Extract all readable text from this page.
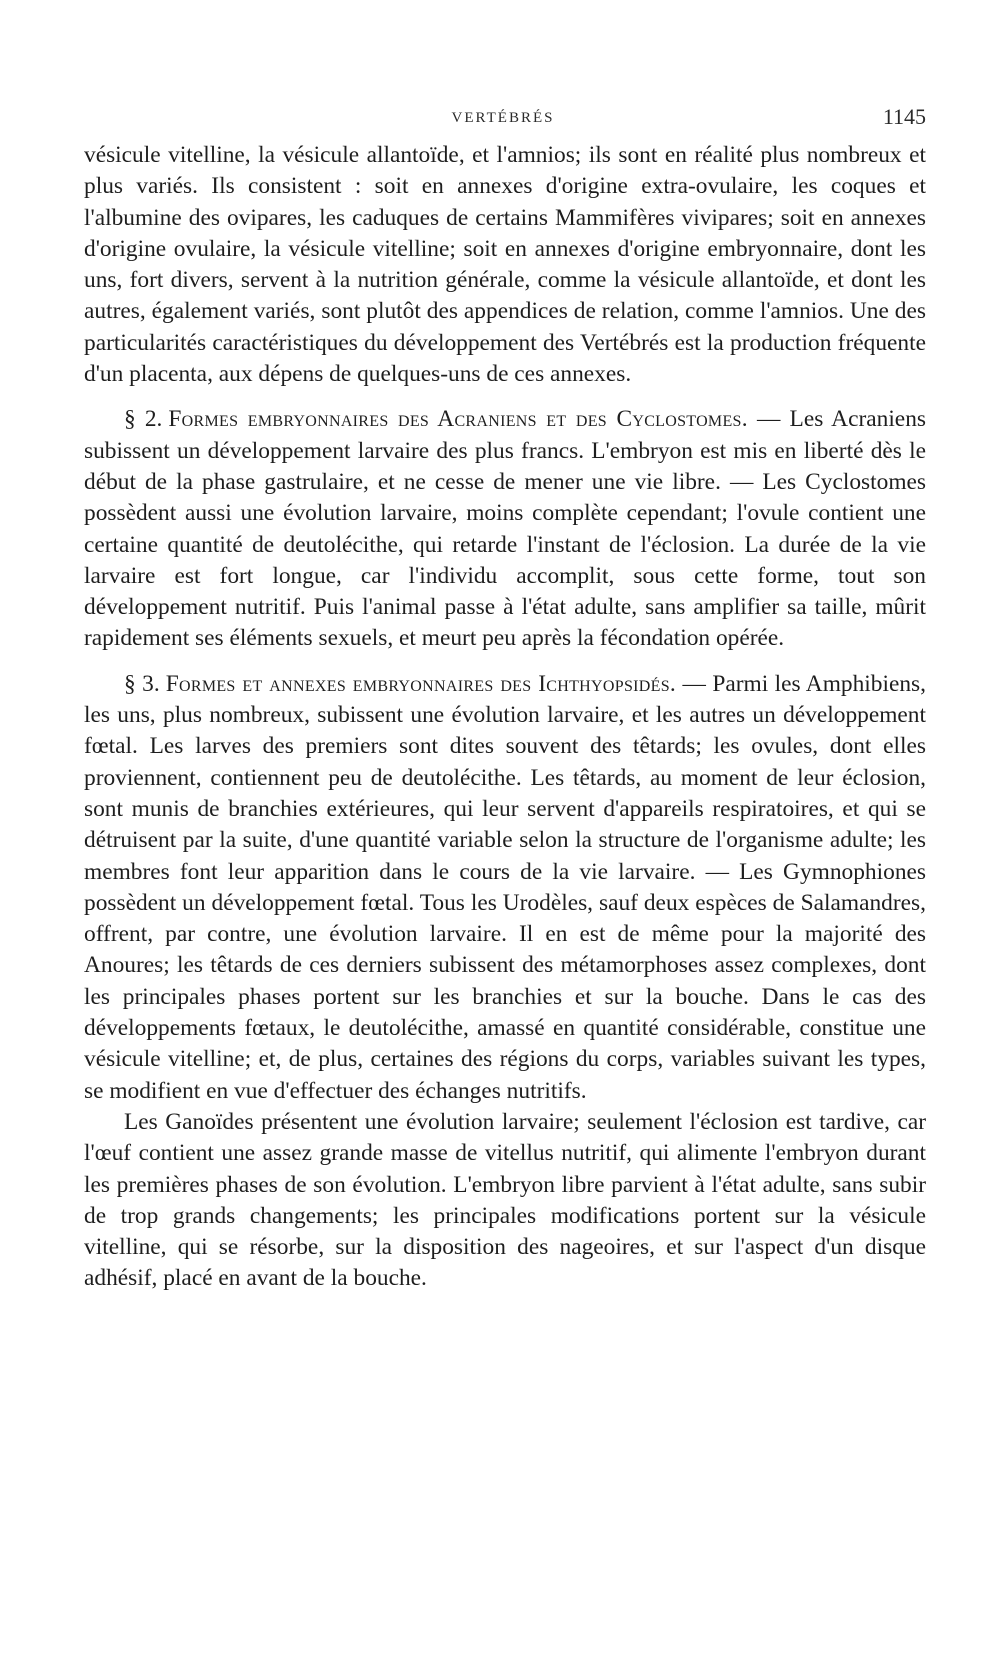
VERTÉBRÉS	1145

vésicule vitelline, la vésicule allantoïde, et l'amnios; ils sont en réalité plus nombreux et plus variés. Ils consistent : soit en annexes d'origine extra-ovulaire, les coques et l'albumine des ovipares, les caduques de certains Mammifères vivipares; soit en annexes d'origine ovulaire, la vésicule vitelline; soit en annexes d'origine embryonnaire, dont les uns, fort divers, servent à la nutrition générale, comme la vésicule allantoïde, et dont les autres, également variés, sont plutôt des appendices de relation, comme l'amnios. Une des particularités caractéristiques du développement des Vertébrés est la production fréquente d'un placenta, aux dépens de quelques-uns de ces annexes.

§ 2. Formes embryonnaires des Acraniens et des Cyclostomes. — Les Acraniens subissent un développement larvaire des plus francs. L'embryon est mis en liberté dès le début de la phase gastrulaire, et ne cesse de mener une vie libre. — Les Cyclostomes possèdent aussi une évolution larvaire, moins complète cependant; l'ovule contient une certaine quantité de deutolécithe, qui retarde l'instant de l'éclosion. La durée de la vie larvaire est fort longue, car l'individu accomplit, sous cette forme, tout son développement nutritif. Puis l'animal passe à l'état adulte, sans amplifier sa taille, mûrit rapidement ses éléments sexuels, et meurt peu après la fécondation opérée.

§ 3. Formes et annexes embryonnaires des Ichthyopsidés. — Parmi les Amphibiens, les uns, plus nombreux, subissent une évolution larvaire, et les autres un développement fœtal. Les larves des premiers sont dites souvent des têtards; les ovules, dont elles proviennent, contiennent peu de deutolécithe. Les têtards, au moment de leur éclosion, sont munis de branchies extérieures, qui leur servent d'appareils respiratoires, et qui se détruisent par la suite, d'une quantité variable selon la structure de l'organisme adulte; les membres font leur apparition dans le cours de la vie larvaire. — Les Gymnophiones possèdent un développement fœtal. Tous les Urodèles, sauf deux espèces de Salamandres, offrent, par contre, une évolution larvaire. Il en est de même pour la majorité des Anoures; les têtards de ces derniers subissent des métamorphoses assez complexes, dont les principales phases portent sur les branchies et sur la bouche. Dans le cas des développements fœtaux, le deutolécithe, amassé en quantité considérable, constitue une vésicule vitelline; et, de plus, certaines des régions du corps, variables suivant les types, se modifient en vue d'effectuer des échanges nutritifs.

Les Ganoïdes présentent une évolution larvaire; seulement l'éclosion est tardive, car l'œuf contient une assez grande masse de vitellus nutritif, qui alimente l'embryon durant les premières phases de son évolution. L'embryon libre parvient à l'état adulte, sans subir de trop grands changements; les principales modifications portent sur la vésicule vitelline, qui se résorbe, sur la disposition des nageoires, et sur l'aspect d'un disque adhésif, placé en avant de la bouche.
